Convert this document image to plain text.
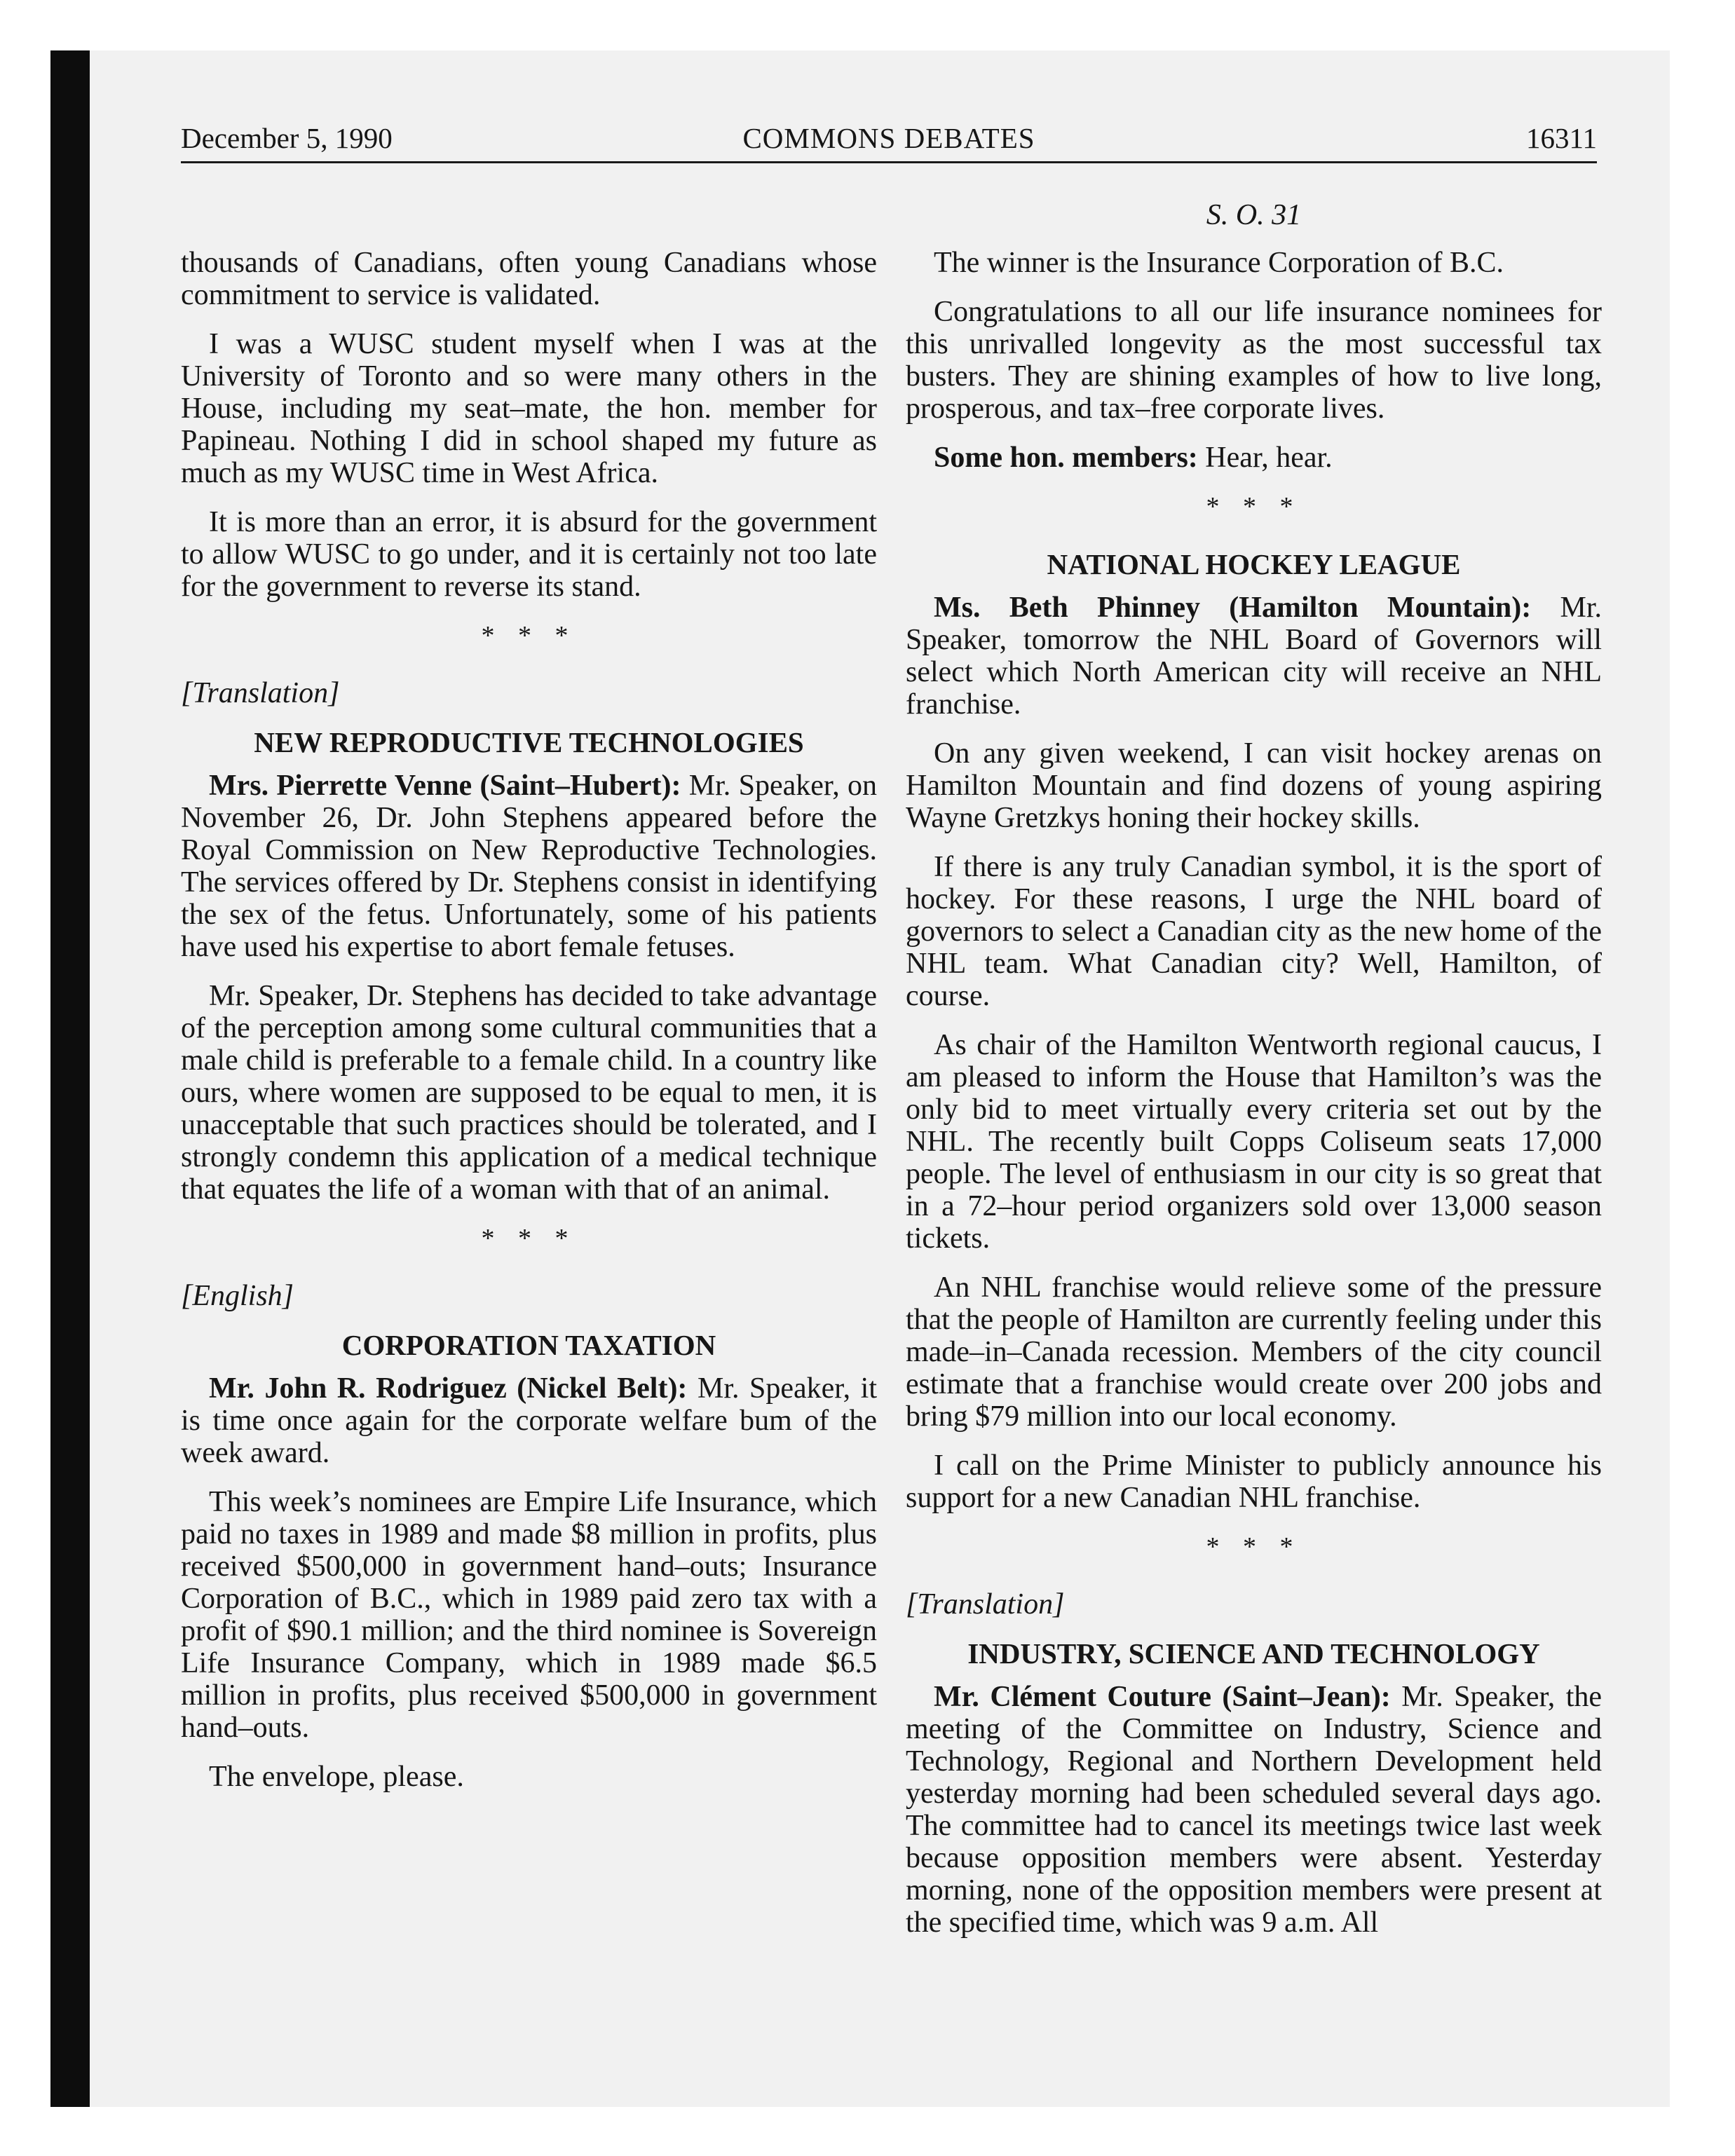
December 5, 1990	COMMONS DEBATES	16311
S. O. 31

thousands of Canadians, often young Canadians whose commitment to service is validated.

I was a WUSC student myself when I was at the University of Toronto and so were many others in the House, including my seat–mate, the hon. member for Papineau. Nothing I did in school shaped my future as much as my WUSC time in West Africa.

It is more than an error, it is absurd for the government to allow WUSC to go under, and it is certainly not too late for the government to reverse its stand.

* * *

[Translation]

NEW REPRODUCTIVE TECHNOLOGIES

Mrs. Pierrette Venne (Saint–Hubert): Mr. Speaker, on November 26, Dr. John Stephens appeared before the Royal Commission on New Reproductive Technologies. The services offered by Dr. Stephens consist in identifying the sex of the fetus. Unfortunately, some of his patients have used his expertise to abort female fetuses.

Mr. Speaker, Dr. Stephens has decided to take advantage of the perception among some cultural communities that a male child is preferable to a female child. In a country like ours, where women are supposed to be equal to men, it is unacceptable that such practices should be tolerated, and I strongly condemn this application of a medical technique that equates the life of a woman with that of an animal.

* * *

[English]

CORPORATION TAXATION

Mr. John R. Rodriguez (Nickel Belt): Mr. Speaker, it is time once again for the corporate welfare bum of the week award.

This week’s nominees are Empire Life Insurance, which paid no taxes in 1989 and made $8 million in profits, plus received $500,000 in government hand–outs; Insurance Corporation of B.C., which in 1989 paid zero tax with a profit of $90.1 million; and the third nominee is Sovereign Life Insurance Company, which in 1989 made $6.5 million in profits, plus received $500,000 in government hand–outs.

The envelope, please.

The winner is the Insurance Corporation of B.C.

Congratulations to all our life insurance nominees for this unrivalled longevity as the most successful tax busters. They are shining examples of how to live long, prosperous, and tax–free corporate lives.

Some hon. members: Hear, hear.

* * *
NATIONAL HOCKEY LEAGUE

Ms. Beth Phinney (Hamilton Mountain): Mr. Speaker, tomorrow the NHL Board of Governors will select which North American city will receive an NHL franchise.

On any given weekend, I can visit hockey arenas on Hamilton Mountain and find dozens of young aspiring Wayne Gretzkys honing their hockey skills.

If there is any truly Canadian symbol, it is the sport of hockey. For these reasons, I urge the NHL board of governors to select a Canadian city as the new home of the NHL team. What Canadian city? Well, Hamilton, of course.

As chair of the Hamilton Wentworth regional caucus, I am pleased to inform the House that Hamilton’s was the only bid to meet virtually every criteria set out by the NHL. The recently built Copps Coliseum seats 17,000 people. The level of enthusiasm in our city is so great that in a 72–hour period organizers sold over 13,000 season tickets.

An NHL franchise would relieve some of the pressure that the people of Hamilton are currently feeling under this made–in–Canada recession. Members of the city council estimate that a franchise would create over 200 jobs and bring $79 million into our local economy.

I call on the Prime Minister to publicly announce his support for a new Canadian NHL franchise.

* * *

[Translation]

INDUSTRY, SCIENCE AND TECHNOLOGY

Mr. Clément Couture (Saint–Jean): Mr. Speaker, the meeting of the Committee on Industry, Science and Technology, Regional and Northern Development held yesterday morning had been scheduled several days ago. The committee had to cancel its meetings twice last week because opposition members were absent. Yesterday morning, none of the opposition members were present at the specified time, which was 9 a.m. All
